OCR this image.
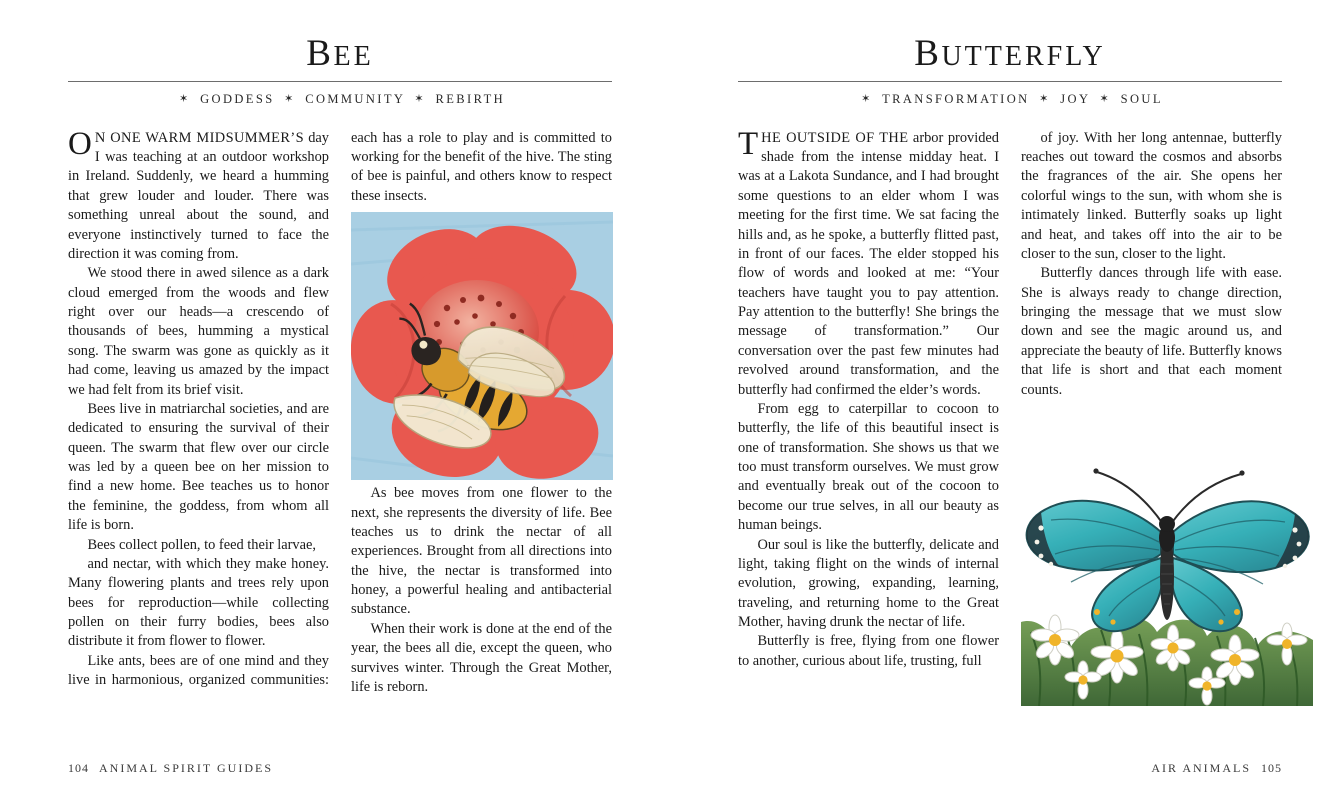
BEE
✶ GODDESS ✶ COMMUNITY ✶ REBIRTH

O N ONE WARM MIDSUMMER’S day I was teaching at an outdoor workshop in Ireland. Suddenly, we heard a humming that grew louder and louder. There was something unreal about the sound, and everyone instinctively turned to face the direction it was coming from.

We stood there in awed silence as a dark cloud emerged from the woods and flew right over our heads—a crescendo of thousands of bees, humming a mystical song. The swarm was gone as quickly as it had come, leaving us amazed by the impact we had felt from its brief visit.

Bees live in matriarchal societies, and are dedicated to ensuring the survival of their queen. The swarm that flew over our circle was led by a queen bee on her mission to find a new home. Bee teaches us to honor the feminine, the goddess, from whom all life is born.

Bees collect pollen, to feed their larvae,

and nectar, with which they make honey. Many flowering plants and trees rely upon bees for reproduction—while collecting pollen on their furry bodies, bees also distribute it from flower to flower.

Like ants, bees are of one mind and they live in harmonious, organized communities: each has a role to play and is committed to working for the benefit of the hive. The sting of bee is painful, and others know to respect these insects.

As bee moves from one flower to the next, she represents the diversity of life. Bee teaches us to drink the nectar of all experiences. Brought from all directions into the hive, the nectar is transformed into honey, a powerful healing and antibacterial substance.

When their work is done at the end of the year, the bees all die, except the queen, who survives winter. Through the Great Mother, life is reborn.

104 ANIMAL SPIRIT GUIDES
BUTTERFLY
✶ TRANSFORMATION ✶ JOY ✶ SOUL

THE OUTSIDE OF THE arbor provided shade from the intense midday heat. I was at a Lakota Sundance, and I had brought some questions to an elder whom I was meeting for the first time. We sat facing the hills and, as he spoke, a butterfly flitted past, in front of our faces. The elder stopped his flow of words and looked at me: “Your teachers have taught you to pay attention. Pay attention to the butterfly! She brings the message of transformation.” Our conversation over the past few minutes had revolved around transformation, and the butterfly had confirmed the elder’s words.

From egg to caterpillar to cocoon to butterfly, the life of this beautiful insect is one of transformation. She shows us that we too must transform ourselves. We must grow and eventually break out of the cocoon to become our true selves, in all our beauty as human beings.

Our soul is like the butterfly, delicate and light, taking flight on the winds of internal evolution, growing, expanding, learning, traveling, and returning home to the Great Mother, having drunk the nectar of life.

Butterfly is free, flying from one flower to another, curious about life, trusting, full

of joy. With her long antennae, butterfly reaches out toward the cosmos and absorbs the fragrances of the air. She opens her colorful wings to the sun, with whom she is intimately linked. Butterfly soaks up light and heat, and takes off into the air to be closer to the sun, closer to the light.

Butterfly dances through life with ease. She is always ready to change direction, bringing the message that we must slow down and see the magic around us, and appreciate the beauty of life. Butterfly knows that life is short and that each moment counts.

AIR ANIMALS 105
